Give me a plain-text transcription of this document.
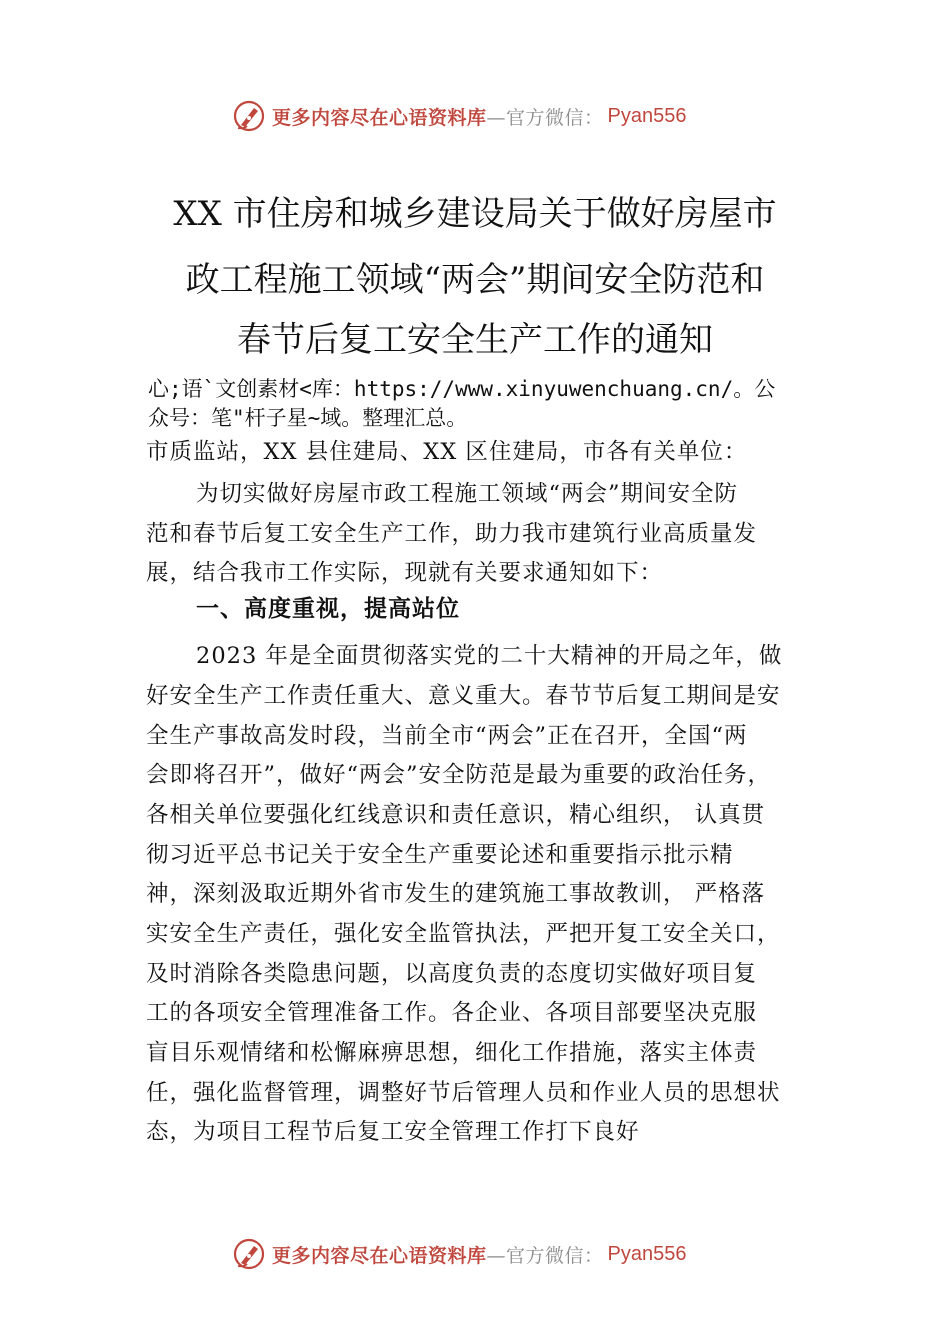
更多内容尽在心语资料库 —官方微信： Pyan556
XX 市住房和城乡建设局关于做好房屋市
政工程施工领域“两会”期间安全防范和
春节后复工安全生产工作的通知
心;语`文创素材<库：https://www.xinyuwenchuang.cn/。公
众号：笔"杆子星~域。整理汇总。
市质监站，XX 县住建局、XX 区住建局，市各有关单位：
为切实做好房屋市政工程施工领域“两会”期间安全防
范和春节后复工安全生产工作，助力我市建筑行业高质量发
展，结合我市工作实际，现就有关要求通知如下：
一、高度重视，提高站位
2023 年是全面贯彻落实党的二十大精神的开局之年，做
好安全生产工作责任重大、意义重大。春节节后复工期间是安
全生产事故高发时段，当前全市“两会”正在召开，全国“两
会即将召开”，做好“两会”安全防范是最为重要的政治任务，
各相关单位要强化红线意识和责任意识，精心组织， 认真贯
彻习近平总书记关于安全生产重要论述和重要指示批示精
神，深刻汲取近期外省市发生的建筑施工事故教训， 严格落
实安全生产责任，强化安全监管执法，严把开复工安全关口，
及时消除各类隐患问题，以高度负责的态度切实做好项目复
工的各项安全管理准备工作。各企业、各项目部要坚决克服
盲目乐观情绪和松懈麻痹思想，细化工作措施，落实主体责
任，强化监督管理，调整好节后管理人员和作业人员的思想状
态，为项目工程节后复工安全管理工作打下良好
更多内容尽在心语资料库 —官方微信： Pyan556
